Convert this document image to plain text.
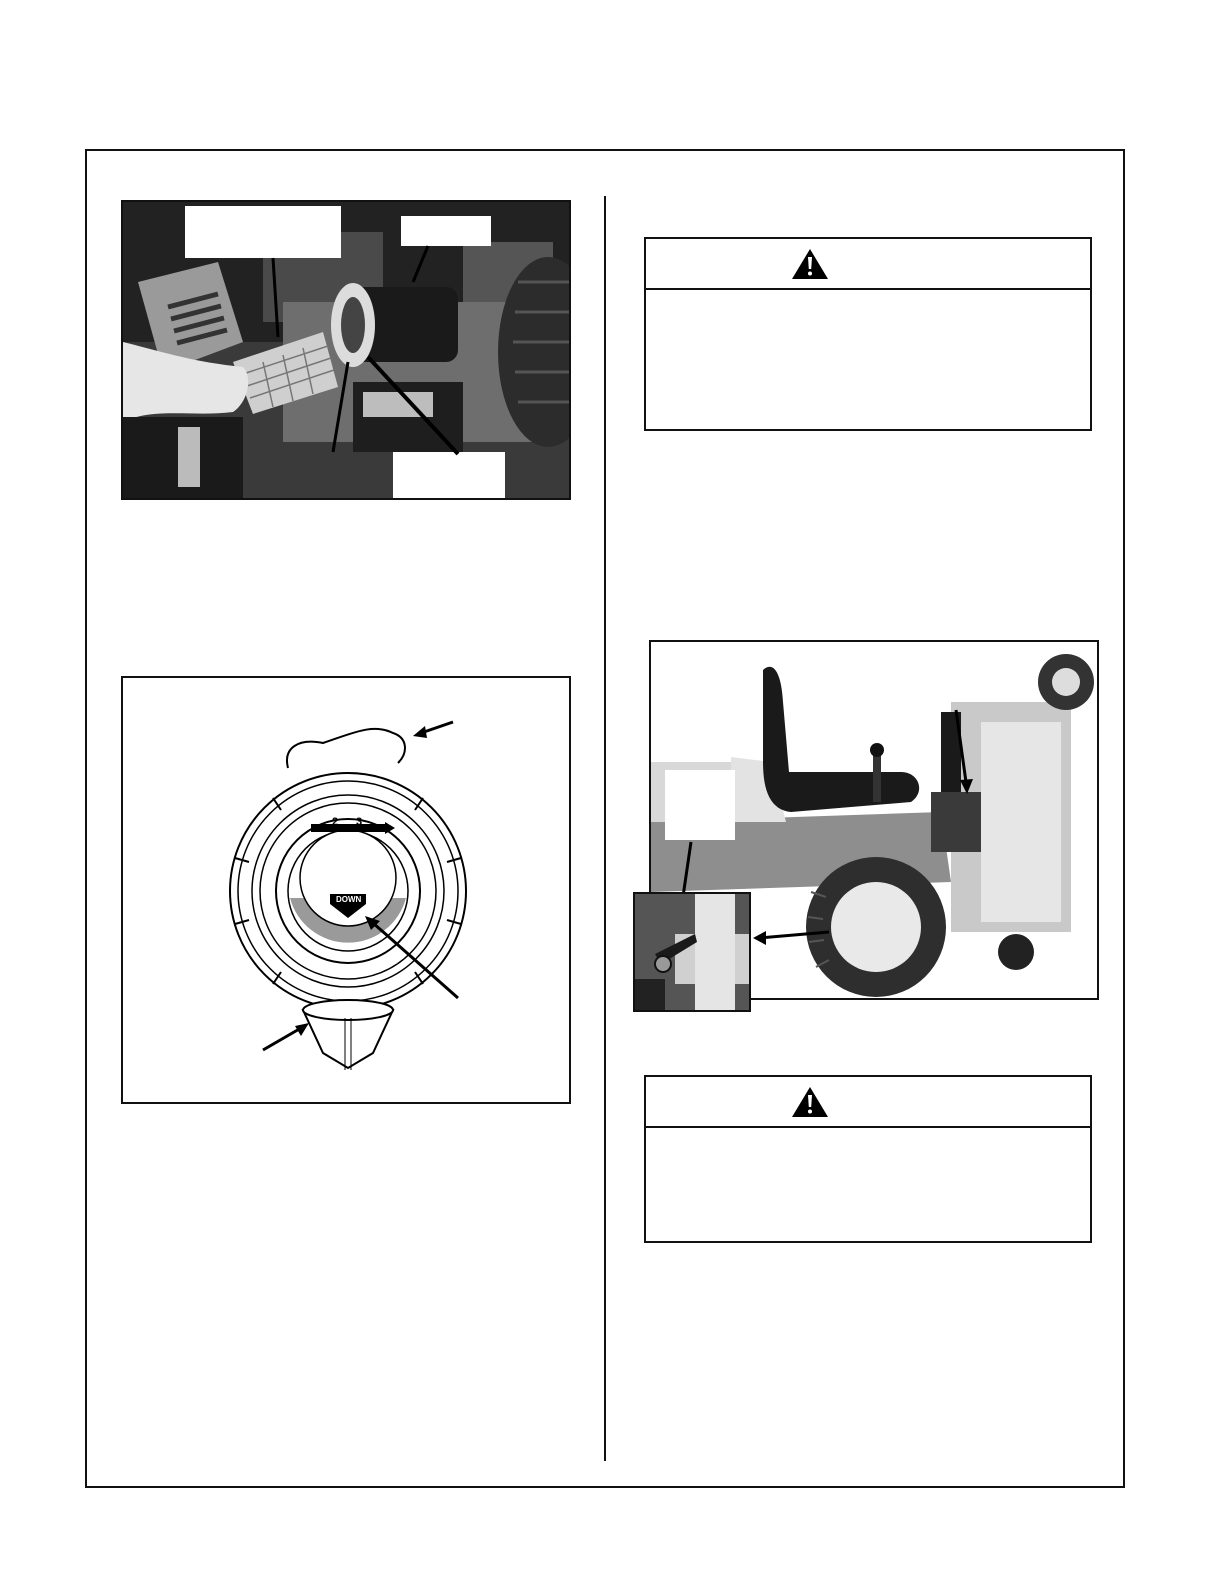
2 3
DOWN
